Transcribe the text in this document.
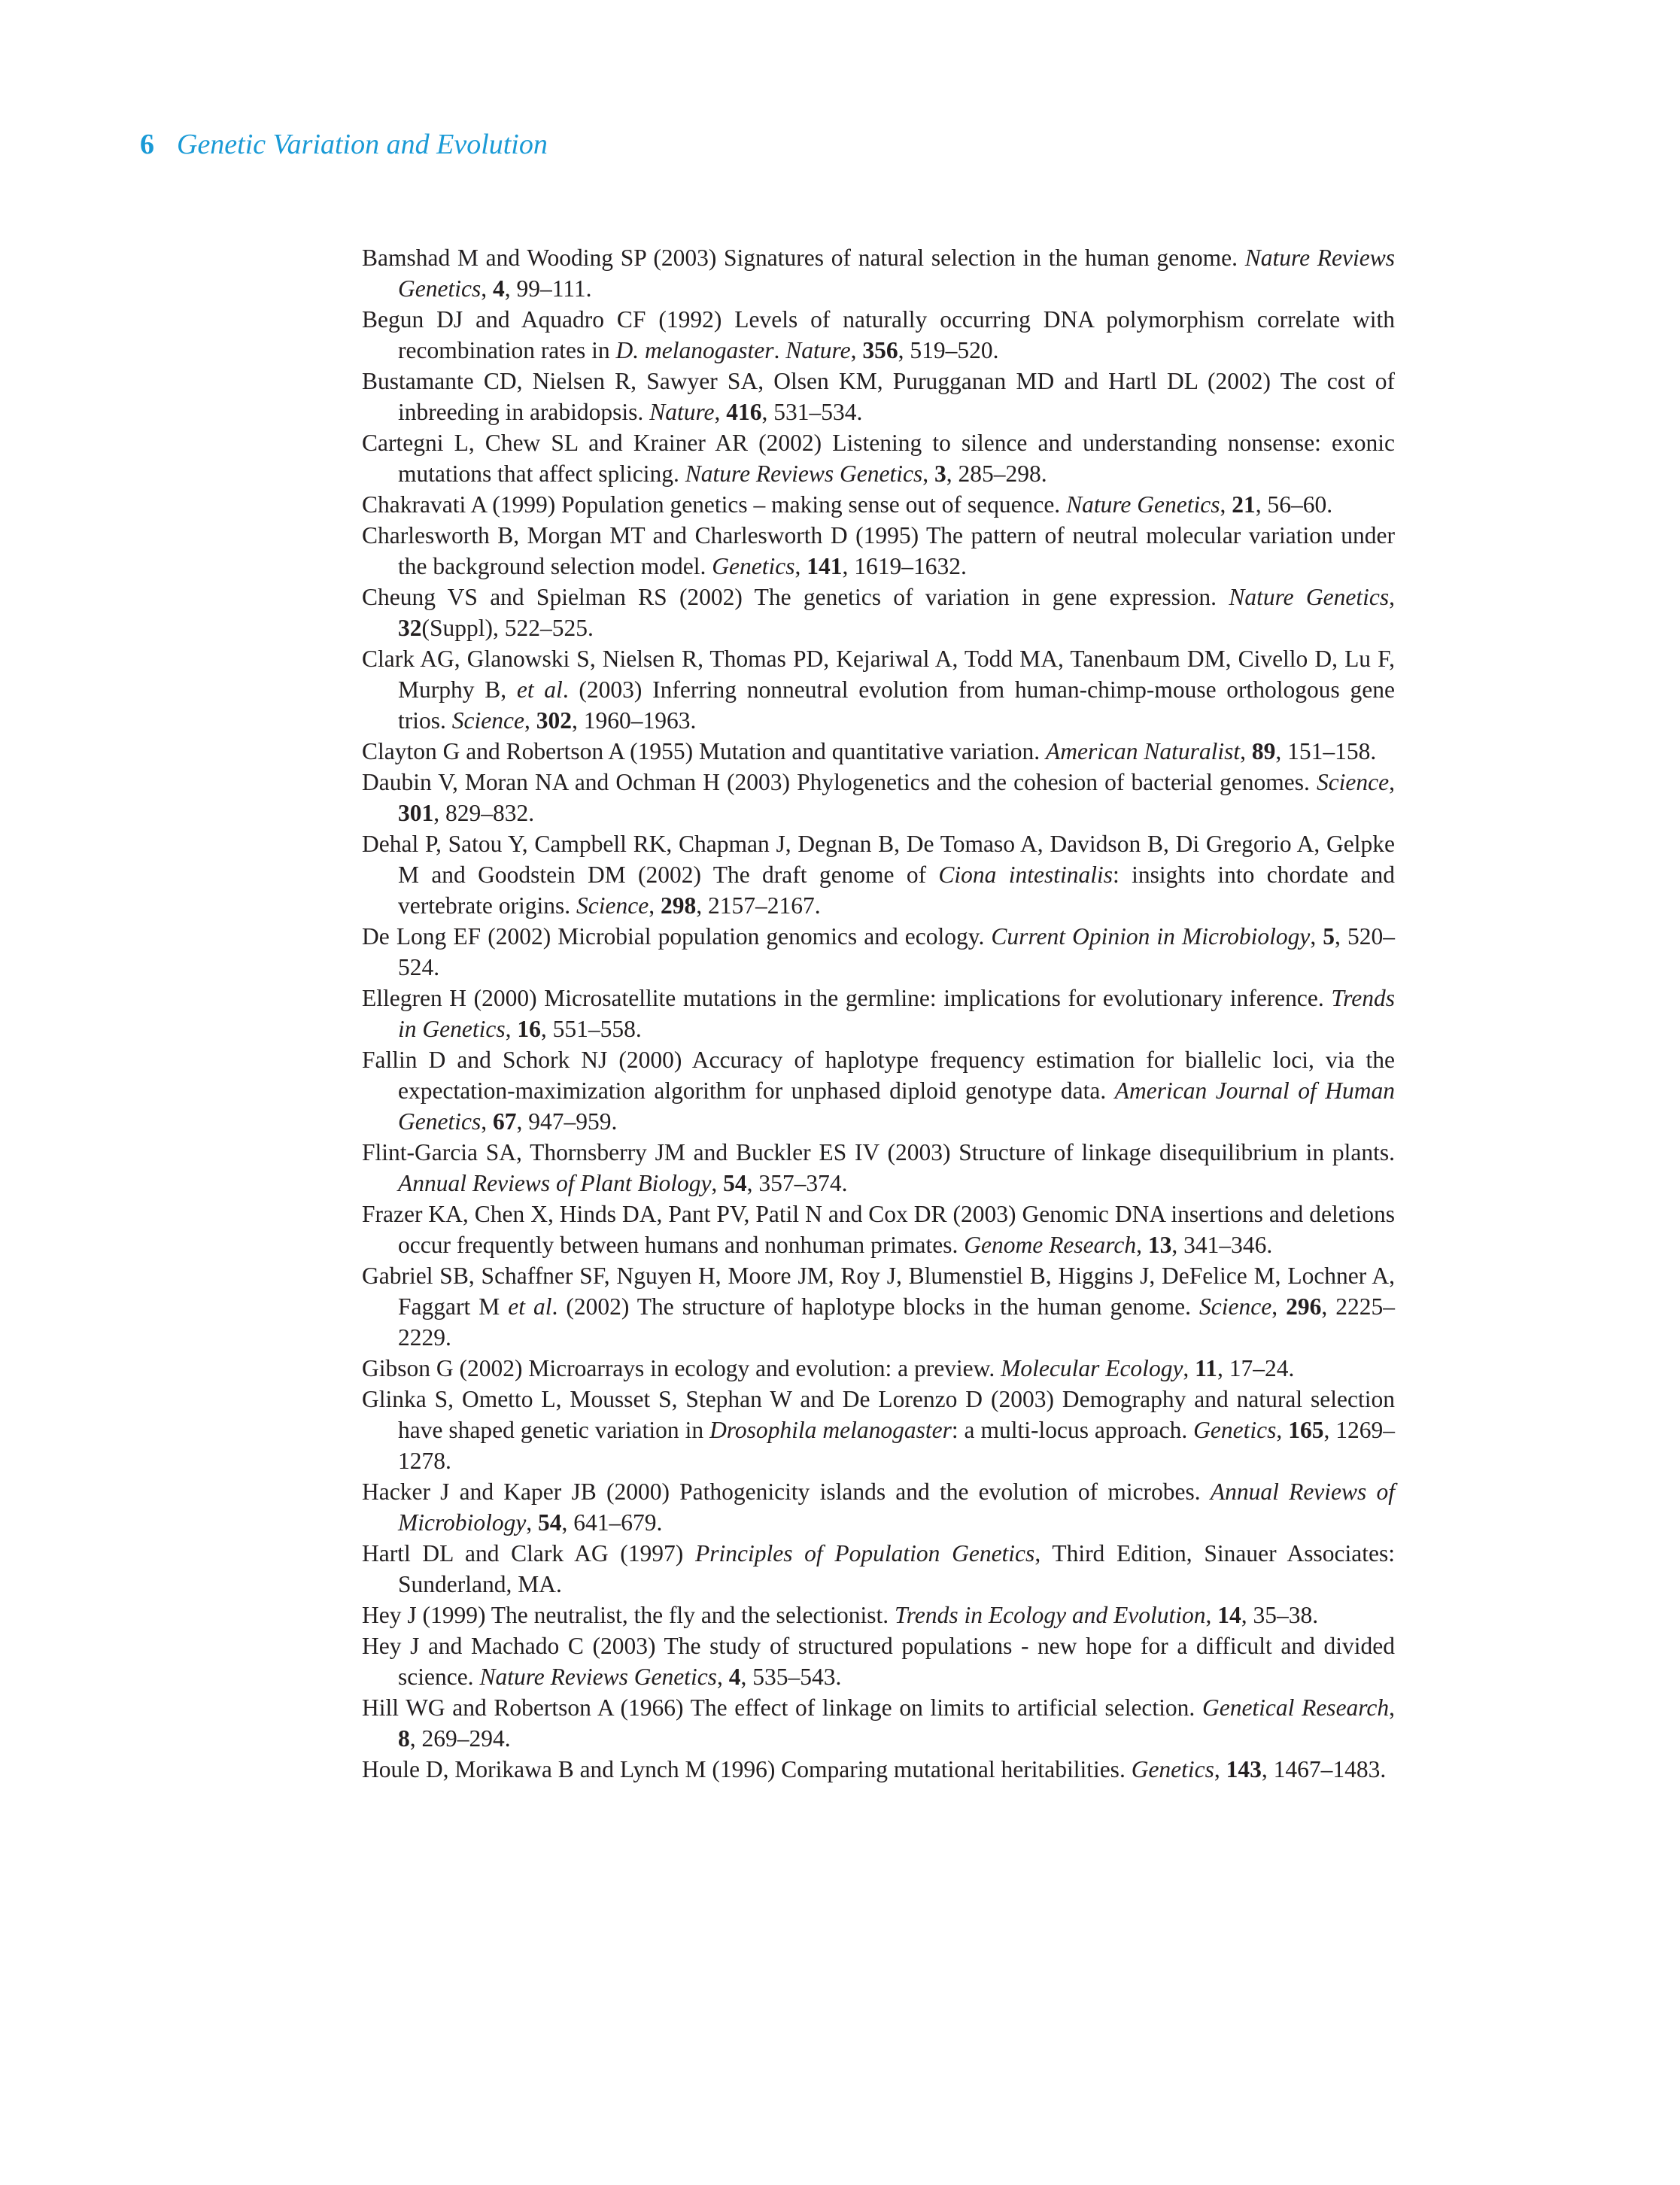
6 Genetic Variation and Evolution
Bamshad M and Wooding SP (2003) Signatures of natural selection in the human genome. Nature Reviews Genetics, 4, 99–111.
Begun DJ and Aquadro CF (1992) Levels of naturally occurring DNA polymorphism correlate with recombination rates in D. melanogaster. Nature, 356, 519–520.
Bustamante CD, Nielsen R, Sawyer SA, Olsen KM, Purugganan MD and Hartl DL (2002) The cost of inbreeding in arabidopsis. Nature, 416, 531–534.
Cartegni L, Chew SL and Krainer AR (2002) Listening to silence and understanding nonsense: exonic mutations that affect splicing. Nature Reviews Genetics, 3, 285–298.
Chakravati A (1999) Population genetics – making sense out of sequence. Nature Genetics, 21, 56–60.
Charlesworth B, Morgan MT and Charlesworth D (1995) The pattern of neutral molecular variation under the background selection model. Genetics, 141, 1619–1632.
Cheung VS and Spielman RS (2002) The genetics of variation in gene expression. Nature Genetics, 32(Suppl), 522–525.
Clark AG, Glanowski S, Nielsen R, Thomas PD, Kejariwal A, Todd MA, Tanenbaum DM, Civello D, Lu F, Murphy B, et al. (2003) Inferring nonneutral evolution from human-chimp-mouse orthologous gene trios. Science, 302, 1960–1963.
Clayton G and Robertson A (1955) Mutation and quantitative variation. American Naturalist, 89, 151–158.
Daubin V, Moran NA and Ochman H (2003) Phylogenetics and the cohesion of bacterial genomes. Science, 301, 829–832.
Dehal P, Satou Y, Campbell RK, Chapman J, Degnan B, De Tomaso A, Davidson B, Di Gregorio A, Gelpke M and Goodstein DM (2002) The draft genome of Ciona intestinalis: insights into chordate and vertebrate origins. Science, 298, 2157–2167.
De Long EF (2002) Microbial population genomics and ecology. Current Opinion in Microbiology, 5, 520–524.
Ellegren H (2000) Microsatellite mutations in the germline: implications for evolutionary inference. Trends in Genetics, 16, 551–558.
Fallin D and Schork NJ (2000) Accuracy of haplotype frequency estimation for biallelic loci, via the expectation-maximization algorithm for unphased diploid genotype data. American Journal of Human Genetics, 67, 947–959.
Flint-Garcia SA, Thornsberry JM and Buckler ES IV (2003) Structure of linkage disequilibrium in plants. Annual Reviews of Plant Biology, 54, 357–374.
Frazer KA, Chen X, Hinds DA, Pant PV, Patil N and Cox DR (2003) Genomic DNA insertions and deletions occur frequently between humans and nonhuman primates. Genome Research, 13, 341–346.
Gabriel SB, Schaffner SF, Nguyen H, Moore JM, Roy J, Blumenstiel B, Higgins J, DeFelice M, Lochner A, Faggart M et al. (2002) The structure of haplotype blocks in the human genome. Science, 296, 2225–2229.
Gibson G (2002) Microarrays in ecology and evolution: a preview. Molecular Ecology, 11, 17–24.
Glinka S, Ometto L, Mousset S, Stephan W and De Lorenzo D (2003) Demography and natural selection have shaped genetic variation in Drosophila melanogaster: a multi-locus approach. Genetics, 165, 1269–1278.
Hacker J and Kaper JB (2000) Pathogenicity islands and the evolution of microbes. Annual Reviews of Microbiology, 54, 641–679.
Hartl DL and Clark AG (1997) Principles of Population Genetics, Third Edition, Sinauer Associates: Sunderland, MA.
Hey J (1999) The neutralist, the fly and the selectionist. Trends in Ecology and Evolution, 14, 35–38.
Hey J and Machado C (2003) The study of structured populations - new hope for a difficult and divided science. Nature Reviews Genetics, 4, 535–543.
Hill WG and Robertson A (1966) The effect of linkage on limits to artificial selection. Genetical Research, 8, 269–294.
Houle D, Morikawa B and Lynch M (1996) Comparing mutational heritabilities. Genetics, 143, 1467–1483.
